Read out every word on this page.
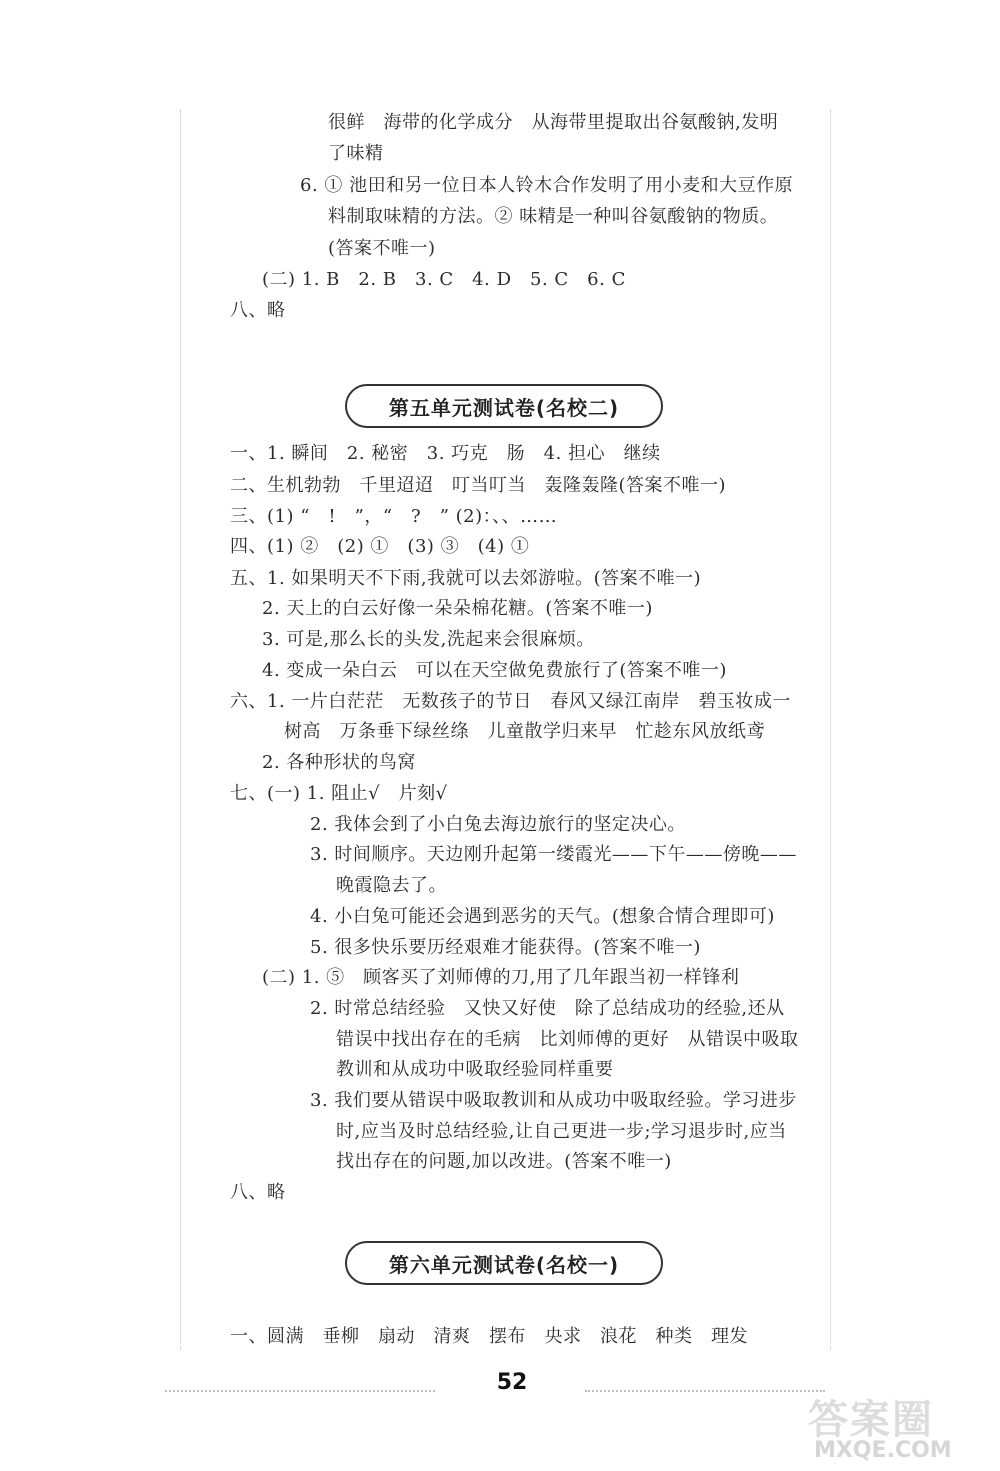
很鲜　海带的化学成分　从海带里提取出谷氨酸钠,发明
了味精
6. ① 池田和另一位日本人铃木合作发明了用小麦和大豆作原
料制取味精的方法。② 味精是一种叫谷氨酸钠的物质。
(答案不唯一)
(二) 1. B　2. B　3. C　4. D　5. C　6. C
八、略
第五单元测试卷(名校二)
一、1. 瞬间　2. 秘密　3. 巧克　肠　4. 担心　继续
二、生机勃勃　千里迢迢　叮当叮当　轰隆轰隆(答案不唯一)
三、(1) “　!　”，“　?　” (2)：、、……
四、(1) ②　(2) ①　(3) ③　(4) ①
五、1. 如果明天不下雨,我就可以去郊游啦。(答案不唯一)
2. 天上的白云好像一朵朵棉花糖。(答案不唯一)
3. 可是,那么长的头发,洗起来会很麻烦。
4. 变成一朵白云　可以在天空做免费旅行了(答案不唯一)
六、1. 一片白茫茫　无数孩子的节日　春风又绿江南岸　碧玉妆成一
树高　万条垂下绿丝绦　儿童散学归来早　忙趁东风放纸鸢
2. 各种形状的鸟窝
七、(一) 1. 阻止√　片刻√
2. 我体会到了小白兔去海边旅行的坚定决心。
3. 时间顺序。天边刚升起第一缕霞光——下午——傍晚——
晚霞隐去了。
4. 小白兔可能还会遇到恶劣的天气。(想象合情合理即可)
5. 很多快乐要历经艰难才能获得。(答案不唯一)
(二) 1. ⑤　顾客买了刘师傅的刀,用了几年跟当初一样锋利
2. 时常总结经验　又快又好使　除了总结成功的经验,还从
错误中找出存在的毛病　比刘师傅的更好　从错误中吸取
教训和从成功中吸取经验同样重要
3. 我们要从错误中吸取教训和从成功中吸取经验。学习进步
时,应当及时总结经验,让自己更进一步;学习退步时,应当
找出存在的问题,加以改进。(答案不唯一)
八、略
第六单元测试卷(名校一)
一、圆满　垂柳　扇动　清爽　摆布　央求　浪花　种类　理发
52
答案圈
MXQE.COM
